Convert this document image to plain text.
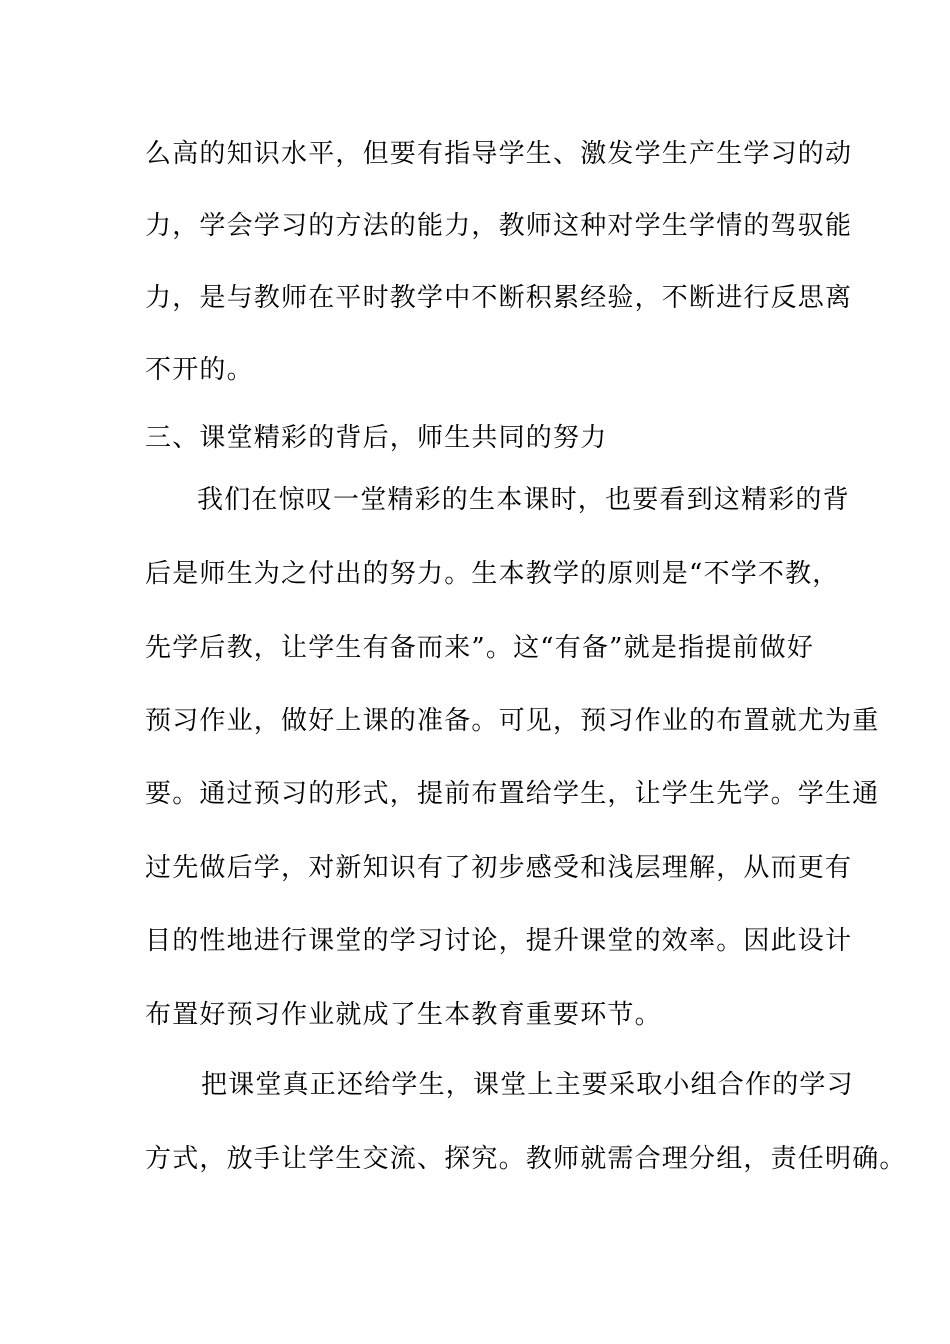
么高的知识水平，但要有指导学生、激发学生产生学习的动
力，学会学习的方法的能力，教师这种对学生学情的驾驭能
力，是与教师在平时教学中不断积累经验，不断进行反思离
不开的。
三、课堂精彩的背后，师生共同的努力
我们在惊叹一堂精彩的生本课时，也要看到这精彩的背
后是师生为之付出的努力。生本教学的原则是“不学不教，
先学后教，让学生有备而来”。这“有备”就是指提前做好
预习作业，做好上课的准备。可见，预习作业的布置就尤为重
要。通过预习的形式，提前布置给学生，让学生先学。学生通
过先做后学，对新知识有了初步感受和浅层理解，从而更有
目的性地进行课堂的学习讨论，提升课堂的效率。因此设计
布置好预习作业就成了生本教育重要环节。
把课堂真正还给学生，课堂上主要采取小组合作的学习
方式，放手让学生交流、探究。教师就需合理分组，责任明确。
